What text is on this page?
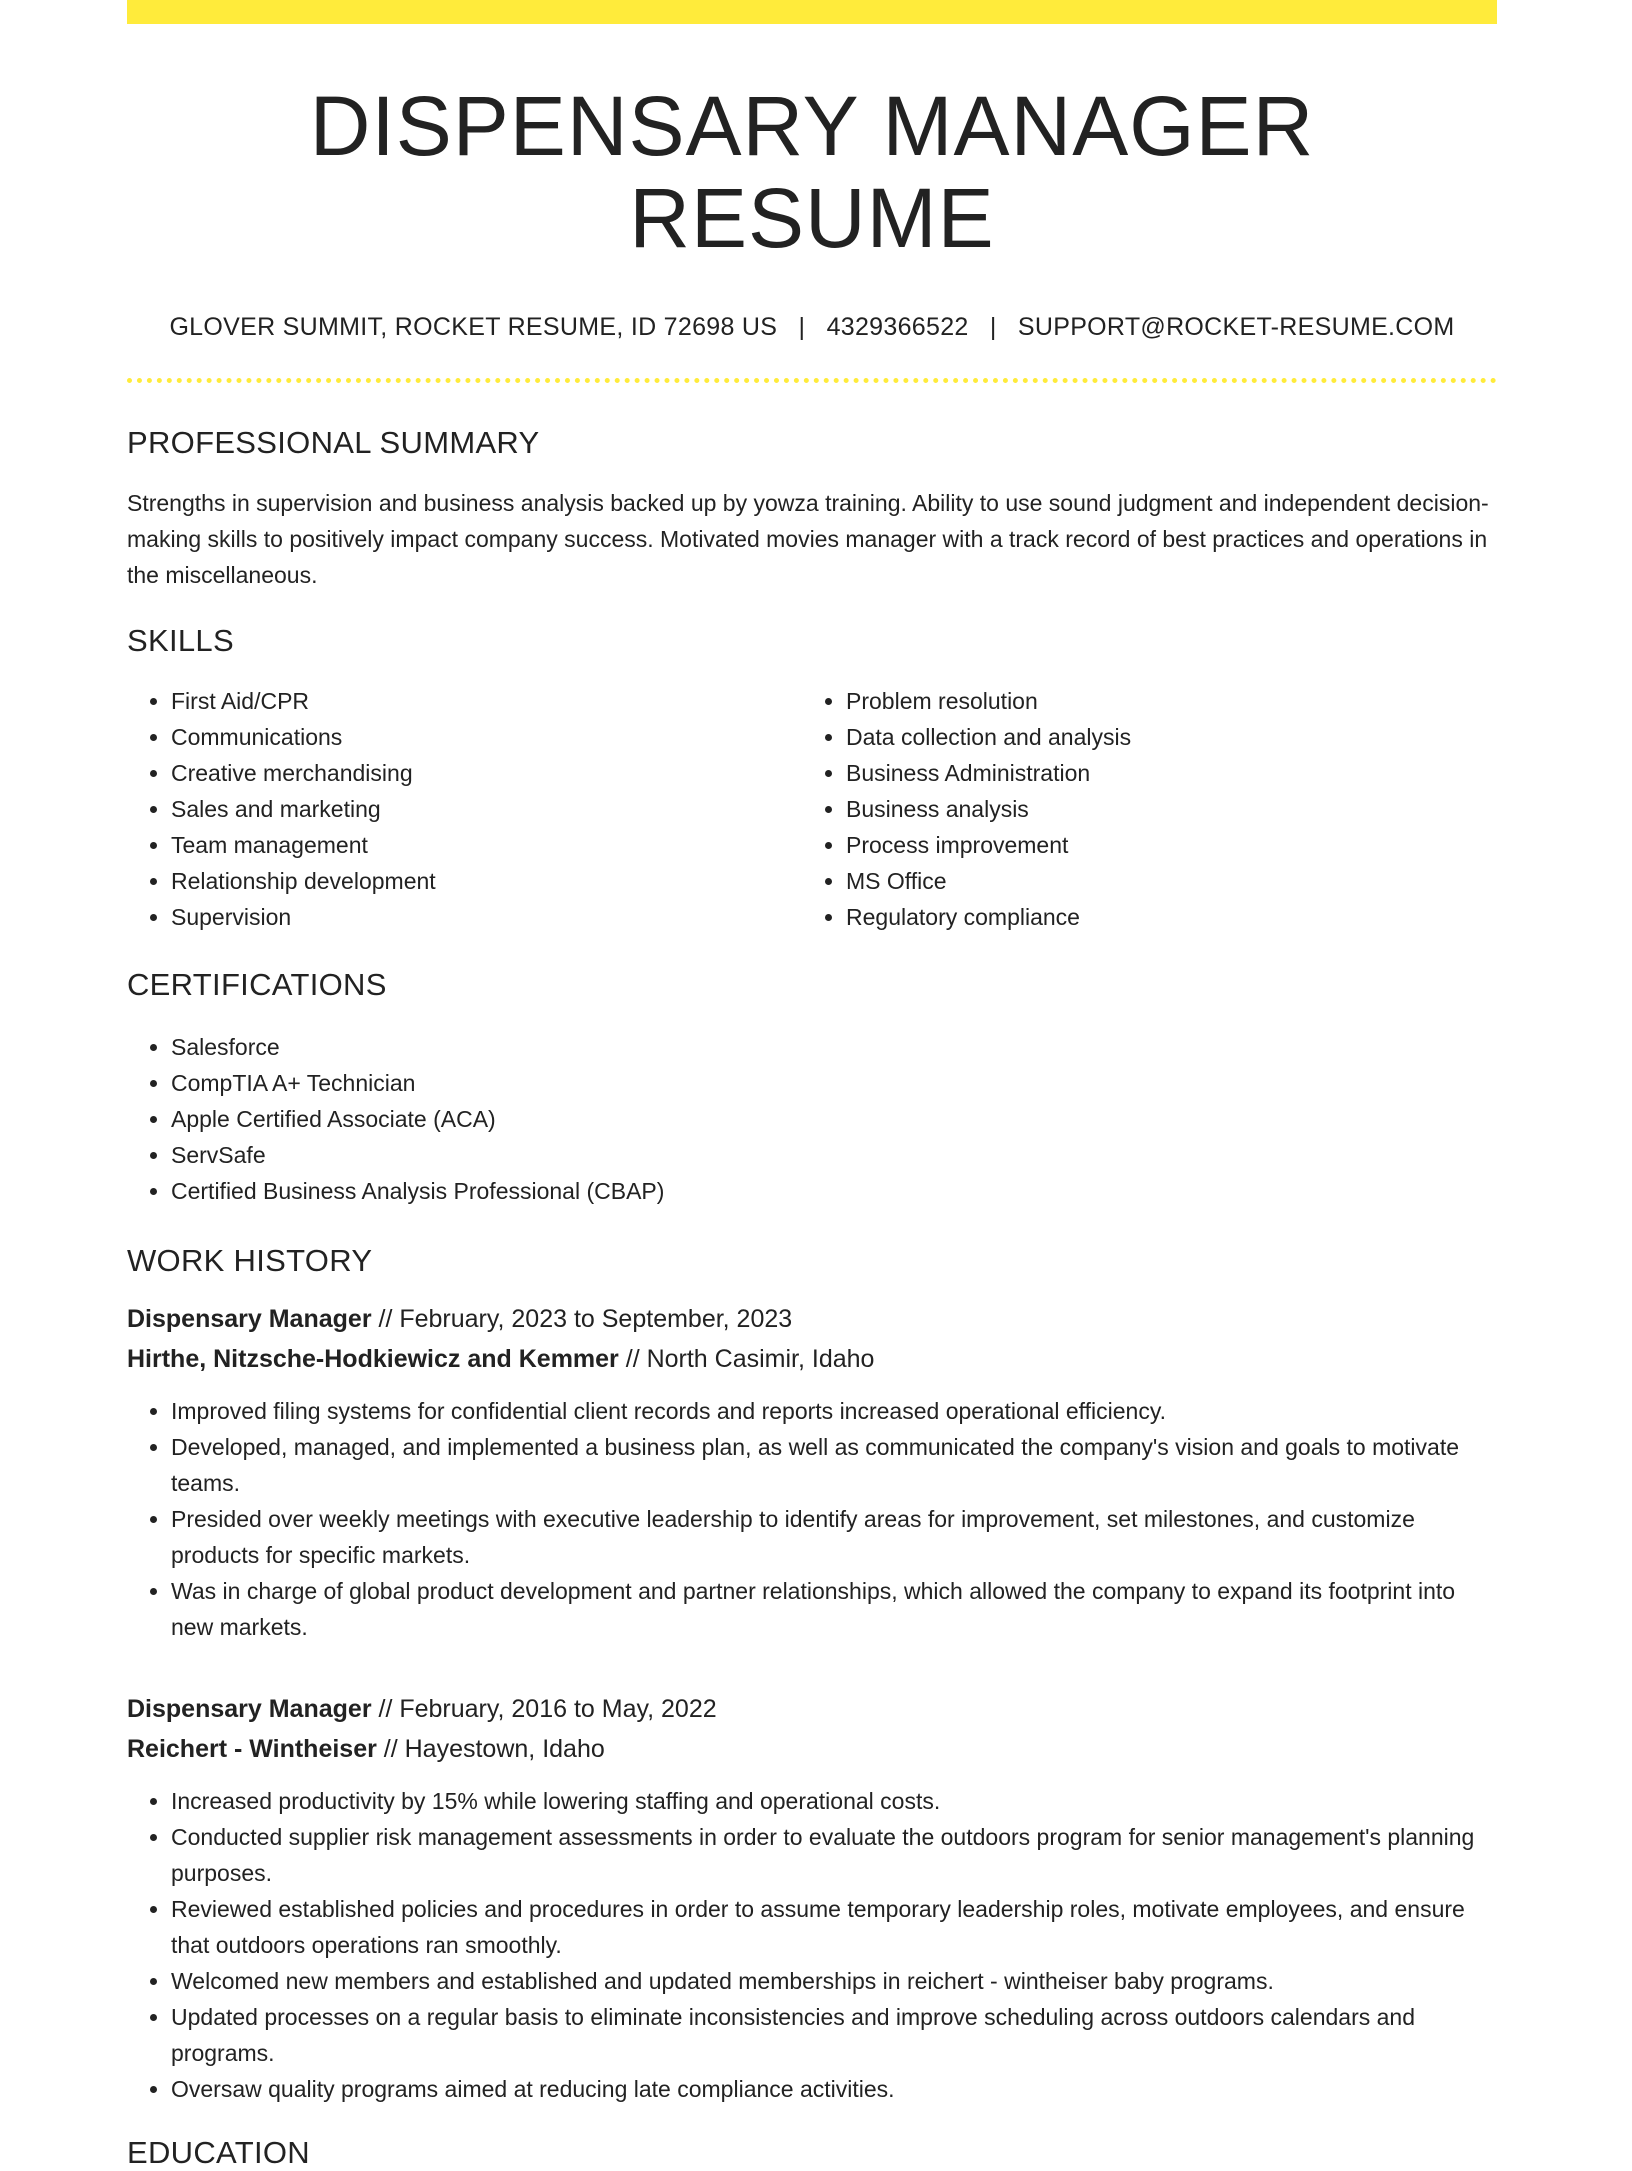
DISPENSARY MANAGER RESUME
GLOVER SUMMIT, ROCKET RESUME, ID 72698 US | 4329366522 | SUPPORT@ROCKET-RESUME.COM
PROFESSIONAL SUMMARY
Strengths in supervision and business analysis backed up by yowza training. Ability to use sound judgment and independent decision-making skills to positively impact company success. Motivated movies manager with a track record of best practices and operations in the miscellaneous.
SKILLS
• First Aid/CPR
• Communications
• Creative merchandising
• Sales and marketing
• Team management
• Relationship development
• Supervision
• Problem resolution
• Data collection and analysis
• Business Administration
• Business analysis
• Process improvement
• MS Office
• Regulatory compliance
CERTIFICATIONS
• Salesforce
• CompTIA A+ Technician
• Apple Certified Associate (ACA)
• ServSafe
• Certified Business Analysis Professional (CBAP)
WORK HISTORY
Dispensary Manager // February, 2023 to September, 2023
Hirthe, Nitzsche-Hodkiewicz and Kemmer // North Casimir, Idaho
• Improved filing systems for confidential client records and reports increased operational efficiency.
• Developed, managed, and implemented a business plan, as well as communicated the company's vision and goals to motivate teams.
• Presided over weekly meetings with executive leadership to identify areas for improvement, set milestones, and customize products for specific markets.
• Was in charge of global product development and partner relationships, which allowed the company to expand its footprint into new markets.
Dispensary Manager // February, 2016 to May, 2022
Reichert - Wintheiser // Hayestown, Idaho
• Increased productivity by 15% while lowering staffing and operational costs.
• Conducted supplier risk management assessments in order to evaluate the outdoors program for senior management's planning purposes.
• Reviewed established policies and procedures in order to assume temporary leadership roles, motivate employees, and ensure that outdoors operations ran smoothly.
• Welcomed new members and established and updated memberships in reichert - wintheiser baby programs.
• Updated processes on a regular basis to eliminate inconsistencies and improve scheduling across outdoors calendars and programs.
• Oversaw quality programs aimed at reducing late compliance activities.
EDUCATION
